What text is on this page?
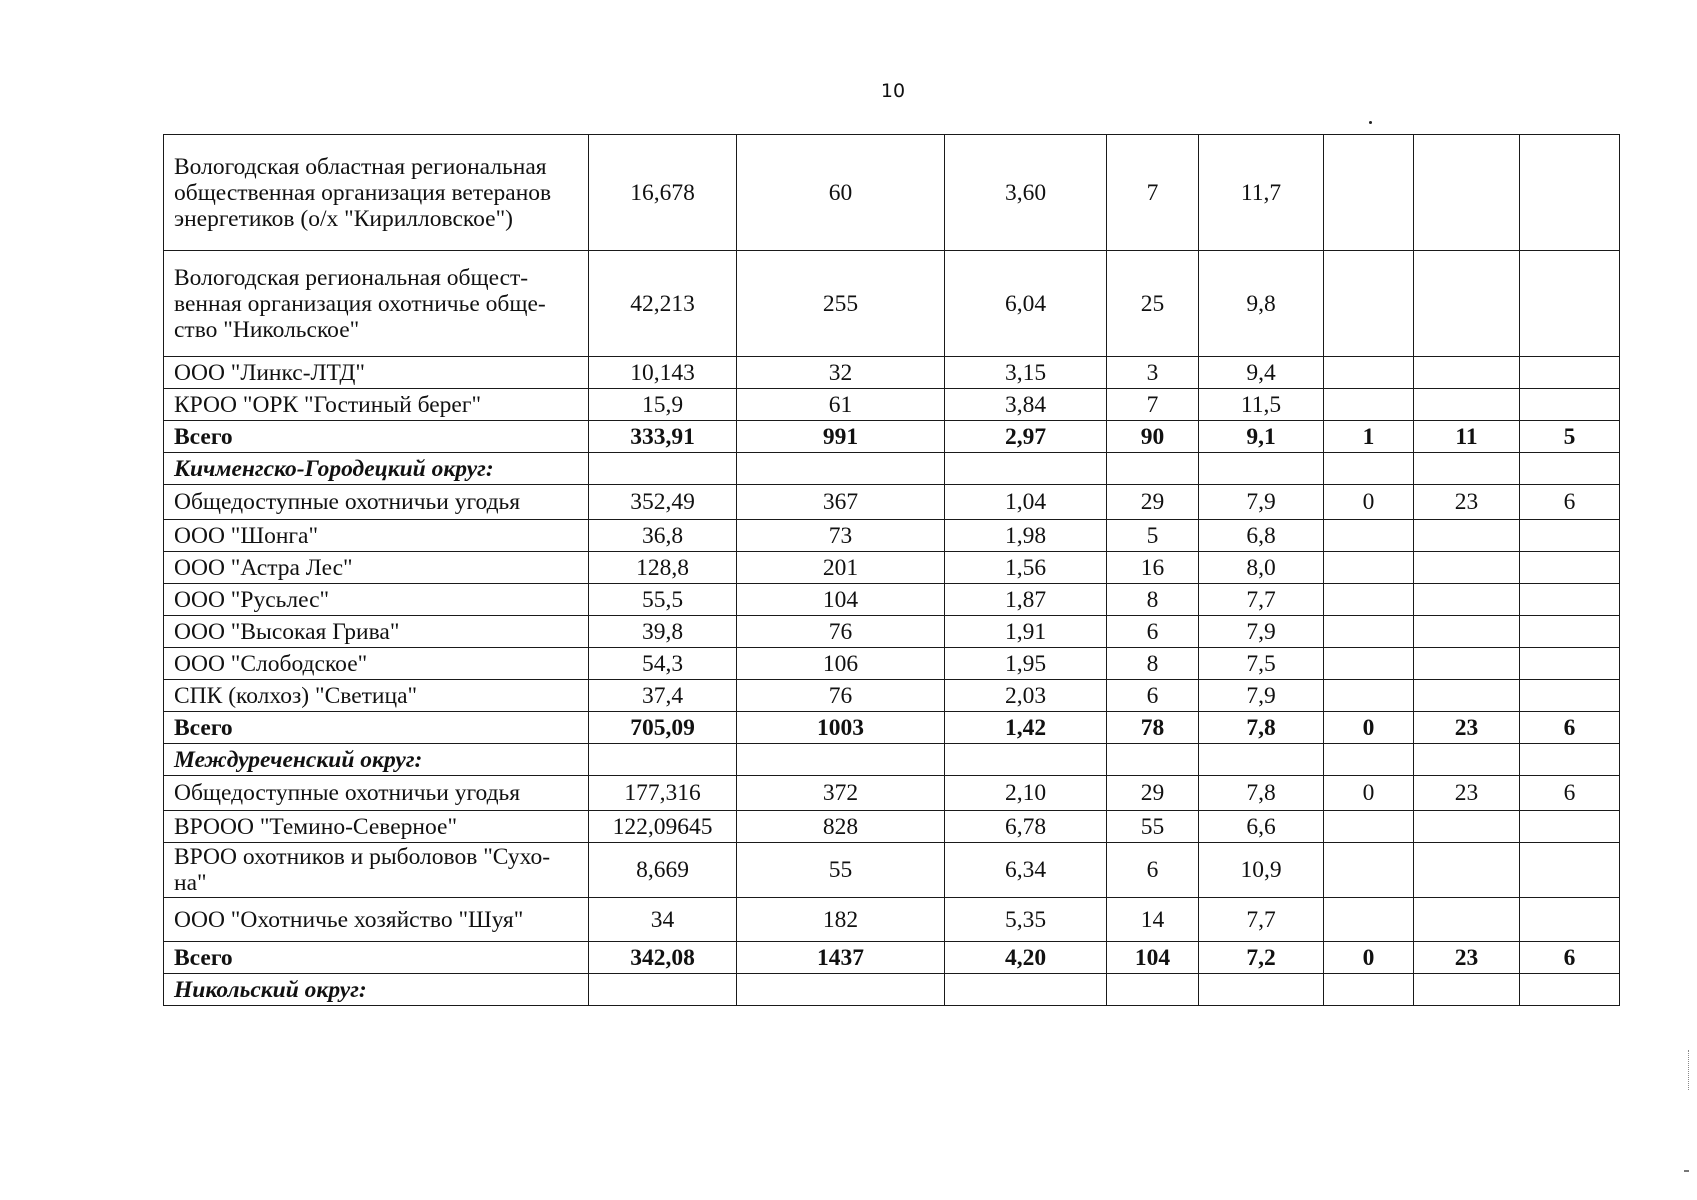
10
Вологодская областная региональная общественная организация ветеранов энергетиков (о/х "Кирилловское")	16,678	60	3,60	7	11,7			
Вологодская региональная общест-венная организация охотничье обще-ство "Никольское"	42,213	255	6,04	25	9,8			
ООО "Линкс-ЛТД"	10,143	32	3,15	3	9,4			
КРОО "ОРК "Гостиный берег"	15,9	61	3,84	7	11,5			
Всего	333,91	991	2,97	90	9,1	1	11	5
Кичменгско-Городецкий округ:								
Общедоступные охотничьи угодья	352,49	367	1,04	29	7,9	0	23	6
ООО "Шонга"	36,8	73	1,98	5	6,8			
ООО "Астра Лес"	128,8	201	1,56	16	8,0			
ООО "Русьлес"	55,5	104	1,87	8	7,7			
ООО "Высокая Грива"	39,8	76	1,91	6	7,9			
ООО "Слободское"	54,3	106	1,95	8	7,5			
СПК (колхоз) "Светица"	37,4	76	2,03	6	7,9			
Всего	705,09	1003	1,42	78	7,8	0	23	6
Междуреченский округ:								
Общедоступные охотничьи угодья	177,316	372	2,10	29	7,8	0	23	6
ВРООО "Темино-Северное"	122,09645	828	6,78	55	6,6			
ВРОО охотников и рыболовов "Сухо-на"	8,669	55	6,34	6	10,9			
ООО "Охотничье хозяйство "Шуя"	34	182	5,35	14	7,7			
Всего	342,08	1437	4,20	104	7,2	0	23	6
Никольский округ:								
